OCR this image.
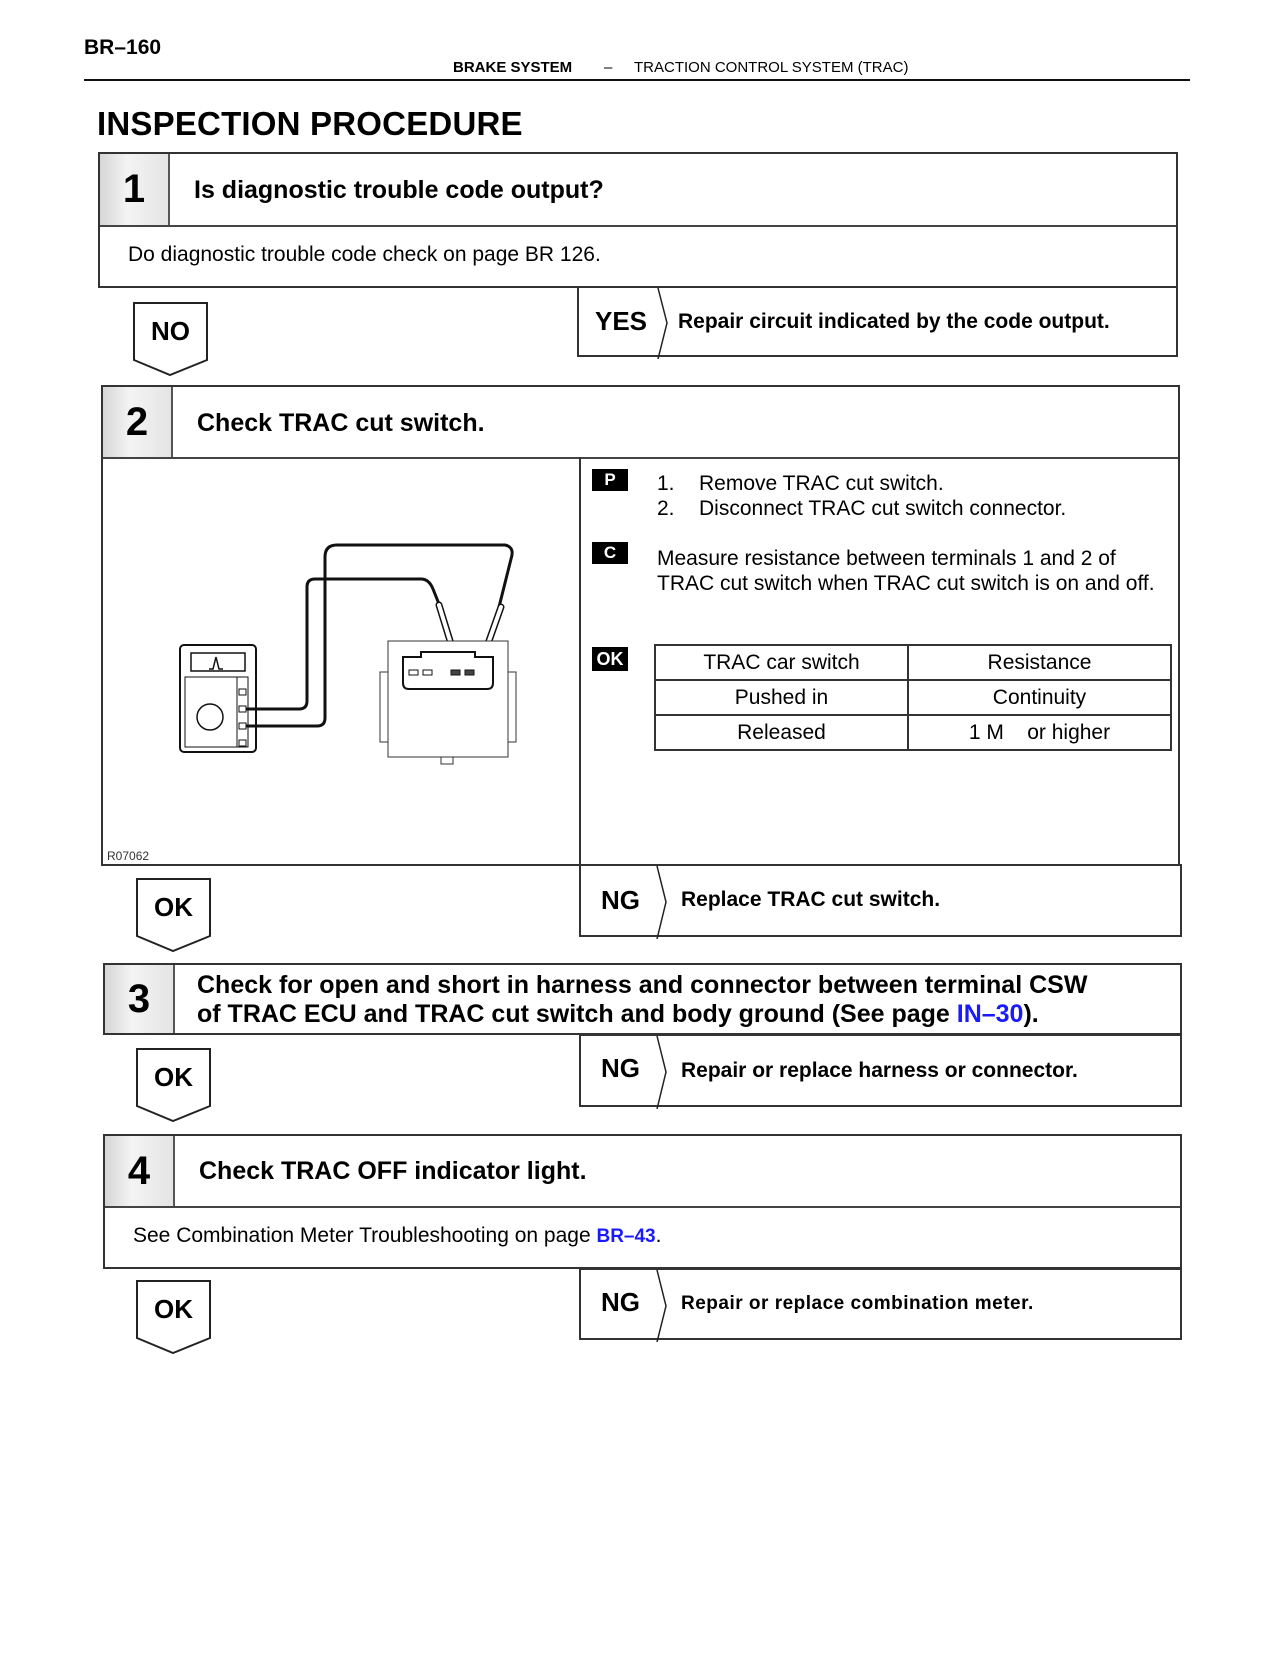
BR–160
BRAKE SYSTEM – TRACTION CONTROL SYSTEM (TRAC)
INSPECTION PROCEDURE
1	Is diagnostic trouble code output?
Do diagnostic trouble code check on page BR 126.
NO	YES Repair circuit indicated by the code output.
2	Check TRAC cut switch.
R07062
P	1. Remove TRAC cut switch.
2. Disconnect TRAC cut switch connector.
C	Measure resistance between terminals 1 and 2 of TRAC cut switch when TRAC cut switch is on and off.
OK	TRAC car switch	Resistance
Pushed in	Continuity
Released	1 M    or higher
OK	NG Replace TRAC cut switch.
3	Check for open and short in harness and connector between terminal CSW
of TRAC ECU and TRAC cut switch and body ground (See page IN–30).
OK	NG Repair or replace harness or connector.
4	Check TRAC OFF indicator light.
See Combination Meter Troubleshooting on page BR–43.
OK	NG Repair or replace combination meter.
